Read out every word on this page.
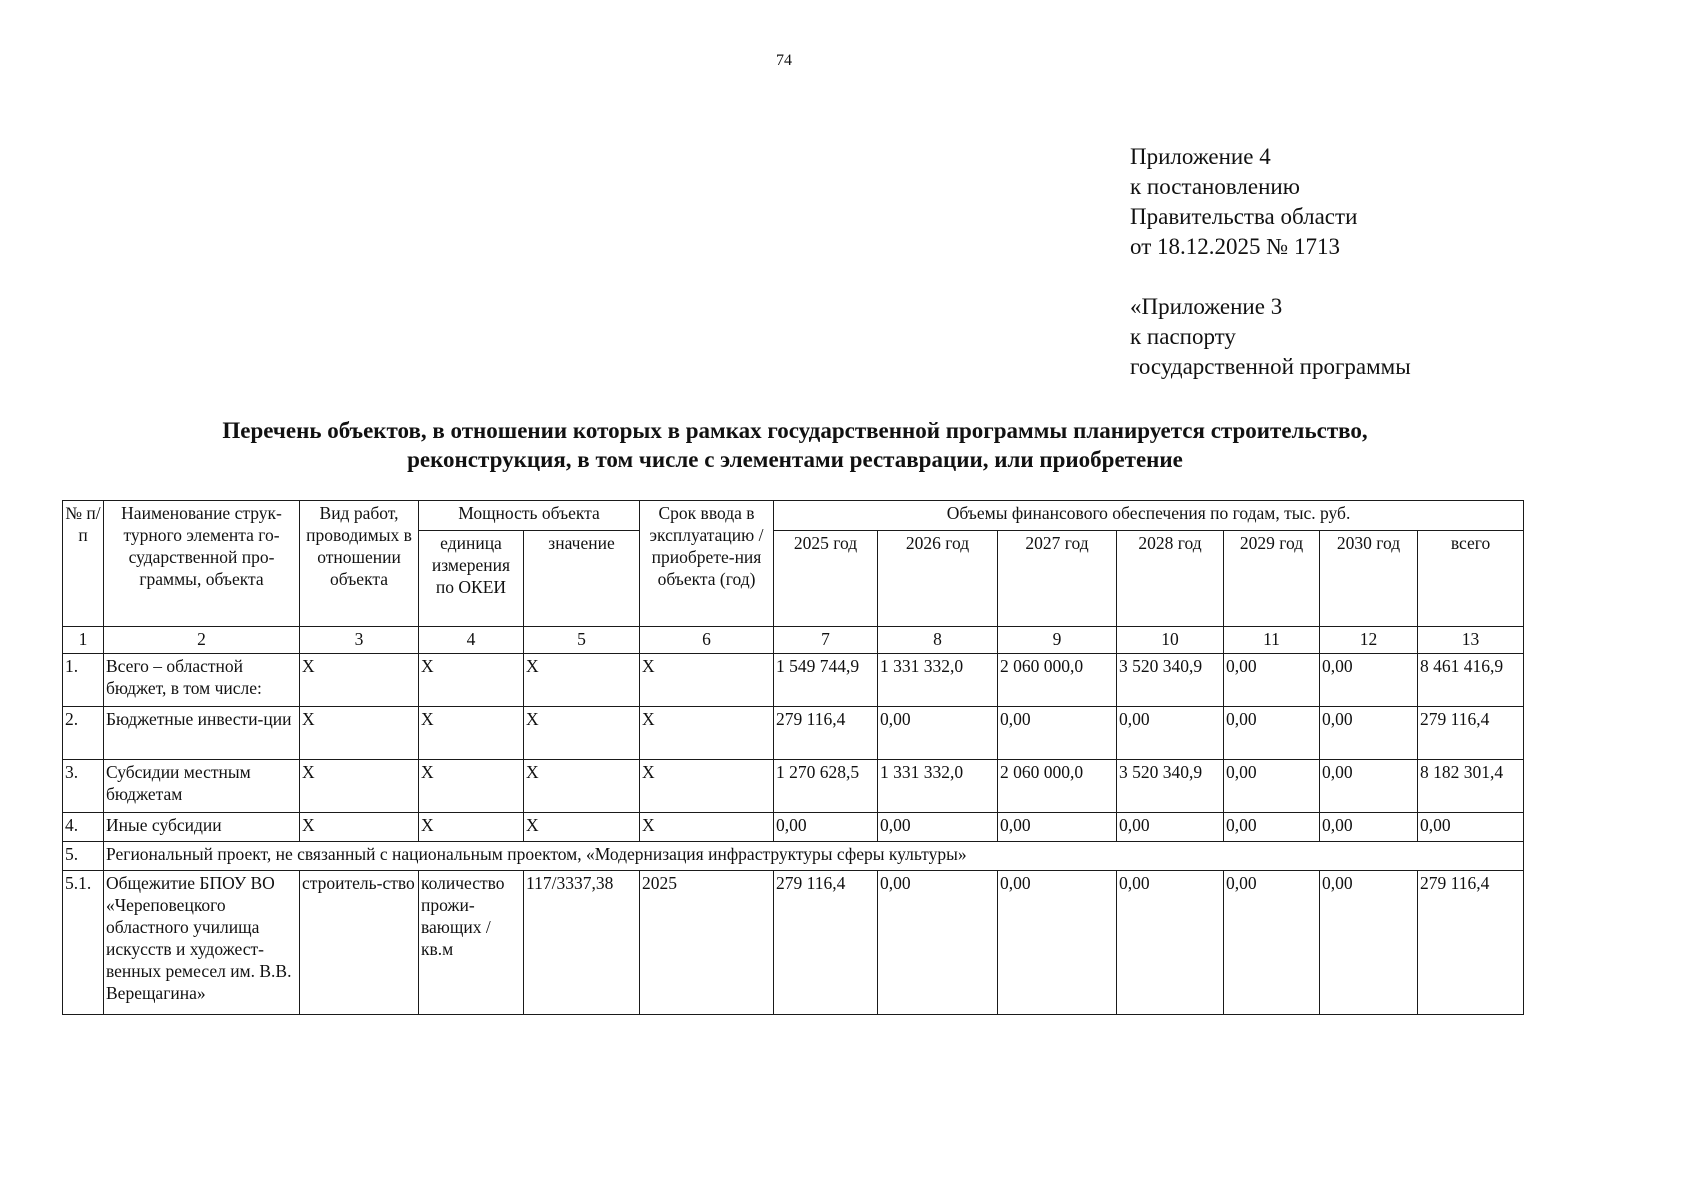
74
Приложение 4
к постановлению
Правительства области
от 18.12.2025 № 1713
«Приложение 3
к паспорту
государственной программы
Перечень объектов, в отношении которых в рамках государственной программы планируется строительство,
реконструкция, в том числе с элементами реставрации, или приобретение
№ п/п	Наименование струк-турного элемента го-сударственной про-граммы, объекта	Вид работ, проводимых в отношении объекта	Мощность объекта		Срок ввода в эксплуатацию / приобрете-ния объекта (год)	Объемы финансового обеспечения по годам, тыс. руб.						
			единица измерения по ОКЕИ	значение		2025 год	2026 год	2027 год	2028 год	2029 год	2030 год	всего
1	2	3	4	5	6	7	8	9	10	11	12	13
1.	Всего – областной бюджет, в том числе:	Х	Х	Х	Х	1 549 744,9	1 331 332,0	2 060 000,0	3 520 340,9	0,00	0,00	8 461 416,9
2.	Бюджетные инвести-ции	Х	Х	Х	Х	279 116,4	0,00	0,00	0,00	0,00	0,00	279 116,4
3.	Субсидии местным бюджетам	Х	Х	Х	Х	1 270 628,5	1 331 332,0	2 060 000,0	3 520 340,9	0,00	0,00	8 182 301,4
4.	Иные субсидии	Х	Х	Х	Х	0,00	0,00	0,00	0,00	0,00	0,00	0,00
5.	Региональный проект, не связанный с национальным проектом, «Модернизация инфраструктуры сферы культуры»											
5.1.	Общежитие БПОУ ВО «Череповецкого областного училища искусств и художест-венных ремесел им. В.В. Верещагина»	строитель-ство	количество прожи-вающих / кв.м	117/3337,38	2025	279 116,4	0,00	0,00	0,00	0,00	0,00	279 116,4
